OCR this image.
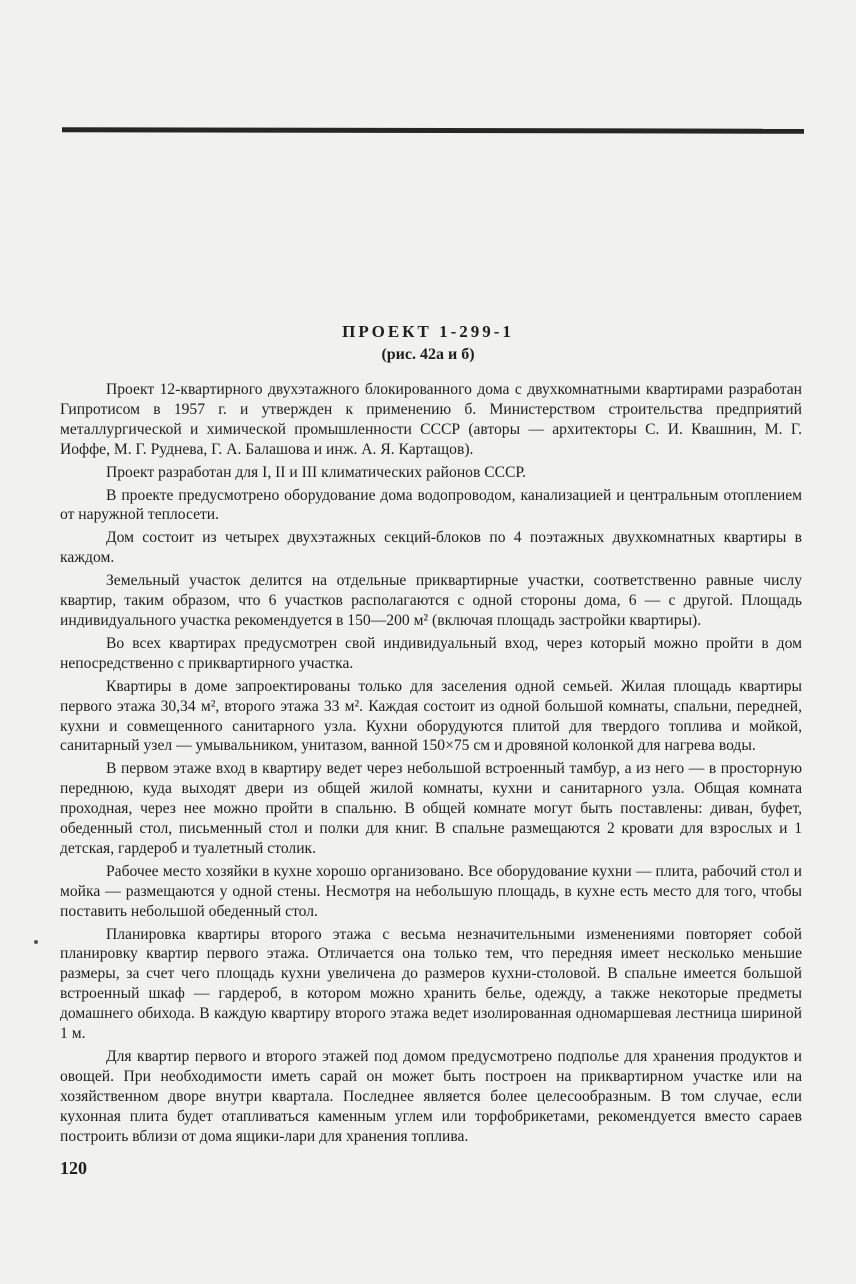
ПРОЕКТ 1-299-1
(рис. 42а и б)

Проект 12-квартирного двухэтажного блокированного дома с двухкомнатными квартирами разработан Гипротисом в 1957 г. и утвержден к применению б. Министерством строительства предприятий металлургической и химической промышленности СССР (авторы — архитекторы С. И. Квашнин, М. Г. Иоффе, М. Г. Руднева, Г. А. Балашова и инж. А. Я. Картащов).

Проект разработан для I, II и III климатических районов СССР.

В проекте предусмотрено оборудование дома водопроводом, канализацией и центральным отоплением от наружной теплосети.

Дом состоит из четырех двухэтажных секций-блоков по 4 поэтажных двухкомнатных квартиры в каждом.

Земельный участок делится на отдельные приквартирные участки, соответственно равные числу квартир, таким образом, что 6 участков располагаются с одной стороны дома, 6 — с другой. Площадь индивидуального участка рекомендуется в 150—200 м² (включая площадь застройки квартиры).

Во всех квартирах предусмотрен свой индивидуальный вход, через который можно пройти в дом непосредственно с приквартирного участка.

Квартиры в доме запроектированы только для заселения одной семьей. Жилая площадь квартиры первого этажа 30,34 м², второго этажа 33 м². Каждая состоит из одной большой комнаты, спальни, передней, кухни и совмещенного санитарного узла. Кухни оборудуются плитой для твердого топлива и мойкой, санитарный узел — умывальником, унитазом, ванной 150×75 см и дровяной колонкой для нагрева воды.

В первом этаже вход в квартиру ведет через небольшой встроенный тамбур, а из него — в просторную переднюю, куда выходят двери из общей жилой комнаты, кухни и санитарного узла. Общая комната проходная, через нее можно пройти в спальню. В общей комнате могут быть поставлены: диван, буфет, обеденный стол, письменный стол и полки для книг. В спальне размещаются 2 кровати для взрослых и 1 детская, гардероб и туалетный столик.

Рабочее место хозяйки в кухне хорошо организовано. Все оборудование кухни — плита, рабочий стол и мойка — размещаются у одной стены. Несмотря на небольшую площадь, в кухне есть место для того, чтобы поставить небольшой обеденный стол.

Планировка квартиры второго этажа с весьма незначительными изменениями повторяет собой планировку квартир первого этажа. Отличается она только тем, что передняя имеет несколько меньшие размеры, за счет чего площадь кухни увеличена до размеров кухни-столовой. В спальне имеется большой встроенный шкаф — гардероб, в котором можно хранить белье, одежду, а также некоторые предметы домашнего обихода. В каждую квартиру второго этажа ведет изолированная одномаршевая лестница шириной 1 м.

Для квартир первого и второго этажей под домом предусмотрено подполье для хранения продуктов и овощей. При необходимости иметь сарай он может быть построен на приквартирном участке или на хозяйственном дворе внутри квартала. Последнее является более целесообразным. В том случае, если кухонная плита будет отапливаться каменным углем или торфобрикетами, рекомендуется вместо сараев построить вблизи от дома ящики-лари для хранения топлива.

120
